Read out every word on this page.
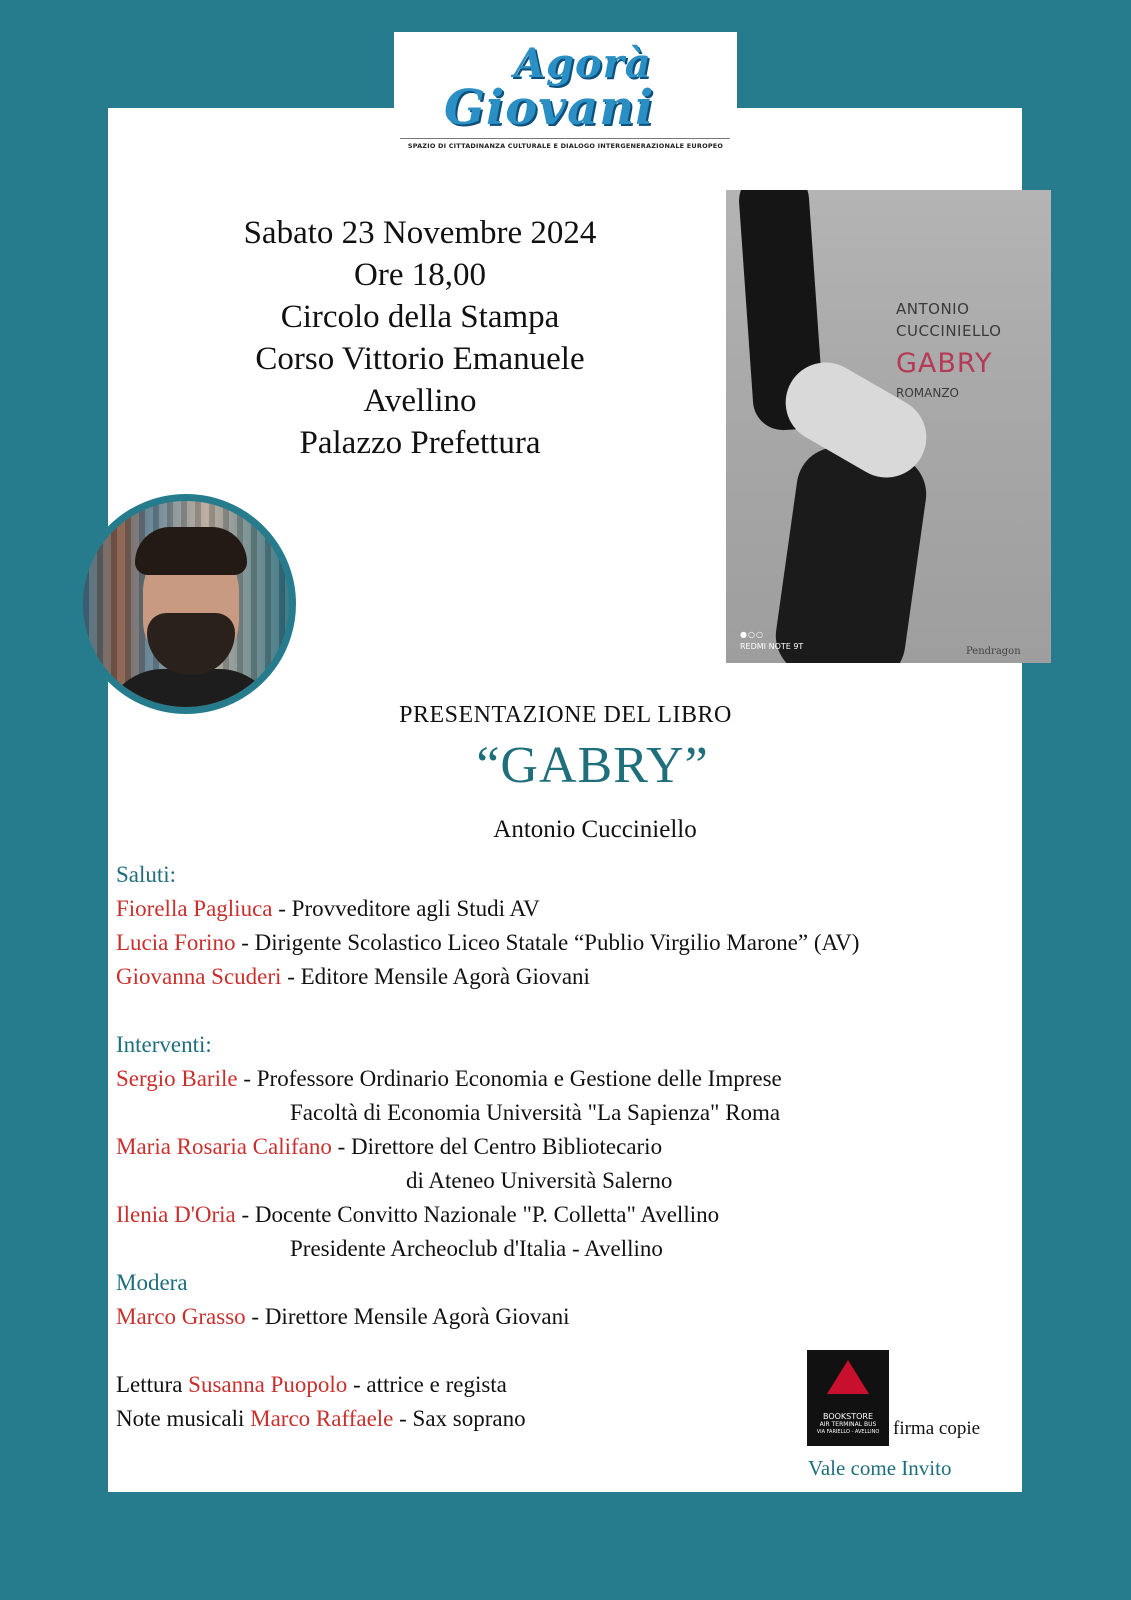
Agorà
Giovani
SPAZIO DI CITTADINANZA CULTURALE E DIALOGO INTERGENERAZIONALE EUROPEO
Sabato 23 Novembre 2024
Ore 18,00
Circolo della Stampa
Corso Vittorio Emanuele
Avellino
Palazzo Prefettura
ANTONIO
CUCCINIELLO
GABRY
ROMANZO
●○○
REDMI NOTE 9T	Pendragon
PRESENTAZIONE DEL LIBRO
“GABRY”
Antonio Cucciniello
Saluti:
Fiorella Pagliuca - Provveditore agli Studi AV
Lucia Forino - Dirigente Scolastico Liceo Statale “Publio Virgilio Marone” (AV)
Giovanna Scuderi - Editore Mensile Agorà Giovani
Interventi:
Sergio Barile - Professore Ordinario Economia e Gestione delle Imprese
Facoltà di Economia Università "La Sapienza" Roma
Maria Rosaria Califano - Direttore del Centro Bibliotecario
di Ateneo Università Salerno
Ilenia D'Oria - Docente Convitto Nazionale "P. Colletta" Avellino
Presidente Archeoclub d'Italia - Avellino
Modera
Marco Grasso - Direttore Mensile Agorà Giovani
Lettura Susanna Puopolo - attrice e regista
Note musicali Marco Raffaele - Sax soprano	BOOKSTORE
AIR TERMINAL BUS
VIA FARIELLO - AVELLINO firma copie
Vale come Invito
